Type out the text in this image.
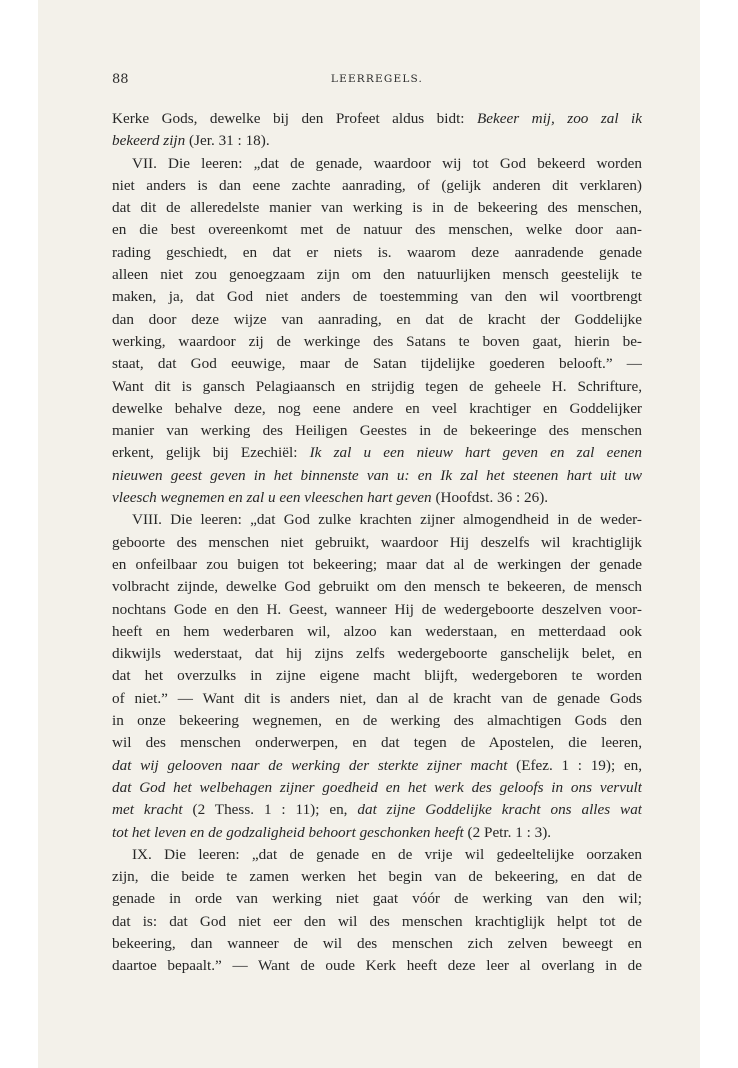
88	LEERREGELS.
Kerke Gods, dewelke bij den Profeet aldus bidt: Bekeer mij, zoo zal ik
bekeerd zijn (Jer. 31 : 18).
VII. Die leeren: „dat de genade, waardoor wij tot God bekeerd worden
niet anders is dan eene zachte aanrading, of (gelijk anderen dit verklaren)
dat dit de alleredelste manier van werking is in de bekeering des menschen,
en die best overeenkomt met de natuur des menschen, welke door aan-
rading geschiedt, en dat er niets is. waarom deze aanradende genade
alleen niet zou genoegzaam zijn om den natuurlijken mensch geestelijk te
maken, ja, dat God niet anders de toestemming van den wil voortbrengt
dan door deze wijze van aanrading, en dat de kracht der Goddelijke
werking, waardoor zij de werkinge des Satans te boven gaat, hierin be-
staat, dat God eeuwige, maar de Satan tijdelijke goederen belooft.” —
Want dit is gansch Pelagiaansch en strijdig tegen de geheele H. Schrifture,
dewelke behalve deze, nog eene andere en veel krachtiger en Goddelijker
manier van werking des Heiligen Geestes in de bekeeringe des menschen
erkent, gelijk bij Ezechiël: Ik zal u een nieuw hart geven en zal eenen
nieuwen geest geven in het binnenste van u: en Ik zal het steenen hart uit uw
vleesch wegnemen en zal u een vleeschen hart geven (Hoofdst. 36 : 26).
VIII. Die leeren: „dat God zulke krachten zijner almogendheid in de weder-
geboorte des menschen niet gebruikt, waardoor Hij deszelfs wil krachtiglijk
en onfeilbaar zou buigen tot bekeering; maar dat al de werkingen der genade
volbracht zijnde, dewelke God gebruikt om den mensch te bekeeren, de mensch
nochtans Gode en den H. Geest, wanneer Hij de wedergeboorte deszelven voor-
heeft en hem wederbaren wil, alzoo kan wederstaan, en metterdaad ook
dikwijls wederstaat, dat hij zijns zelfs wedergeboorte ganschelijk belet, en
dat het overzulks in zijne eigene macht blijft, wedergeboren te worden
of niet.” — Want dit is anders niet, dan al de kracht van de genade Gods
in onze bekeering wegnemen, en de werking des almachtigen Gods den
wil des menschen onderwerpen, en dat tegen de Apostelen, die leeren,
dat wij gelooven naar de werking der sterkte zijner macht (Efez. 1 : 19); en,
dat God het welbehagen zijner goedheid en het werk des geloofs in ons vervult
met kracht (2 Thess. 1 : 11); en, dat zijne Goddelijke kracht ons alles wat
tot het leven en de godzaligheid behoort geschonken heeft (2 Petr. 1 : 3).
IX. Die leeren: „dat de genade en de vrije wil gedeeltelijke oorzaken
zijn, die beide te zamen werken het begin van de bekeering, en dat de
genade in orde van werking niet gaat vóór de werking van den wil;
dat is: dat God niet eer den wil des menschen krachtiglijk helpt tot de
bekeering, dan wanneer de wil des menschen zich zelven beweegt en
daartoe bepaalt.” — Want de oude Kerk heeft deze leer al overlang in de
